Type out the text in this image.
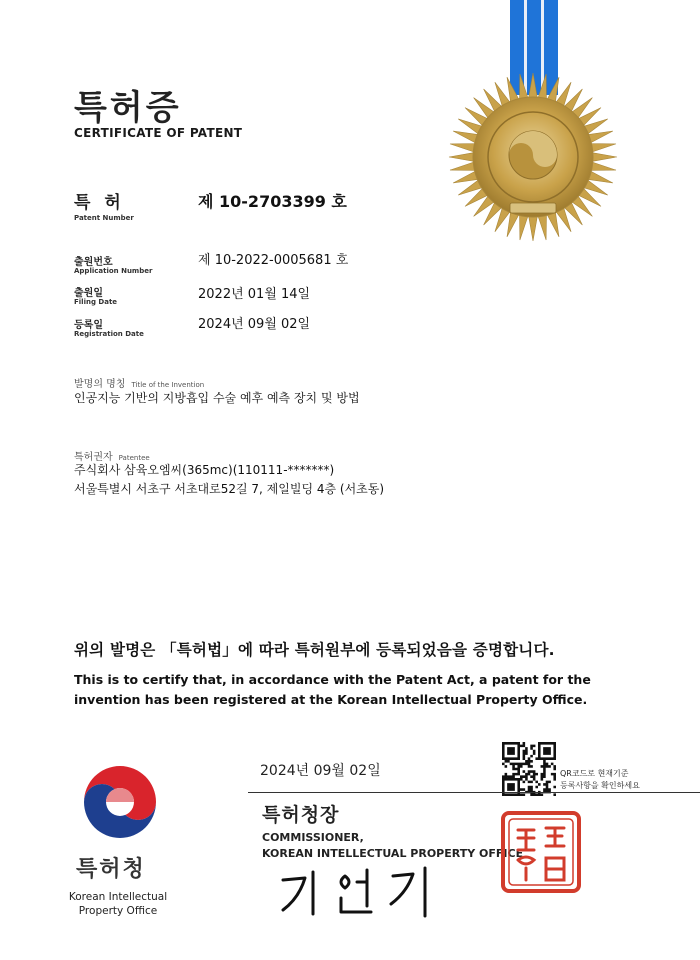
특허증
CERTIFICATE OF PATENT
특 허
Patent Number
제 10-2703399 호
출원번호
Application Number
제 10-2022-0005681 호
출원일
Filing Date	2022년 01월 14일
등록일
Registration Date
2024년 09월 02일
발명의 명칭 Title of the Invention
인공지능 기반의 지방흡입 수술 예후 예측 장치 및 방법
특허권자 Patentee
주식회사 삼육오엠씨(365mc)(110111-*******)
서울특별시 서초구 서초대로52길 7, 제일빌딩 4층 (서초동)
위의 발명은 「특허법」에 따라 특허원부에 등록되었음을 증명합니다.
This is to certify that, in accordance with the Patent Act, a patent for the invention has been registered at the Korean Intellectual Property Office.
QR코드로 현재기준
등록사항을 확인하세요
2024년 09월 02일
특허청장
COMMISSIONER,
KOREAN INTELLECTUAL PROPERTY OFFICE
특허청
Korean Intellectual
Property Office
